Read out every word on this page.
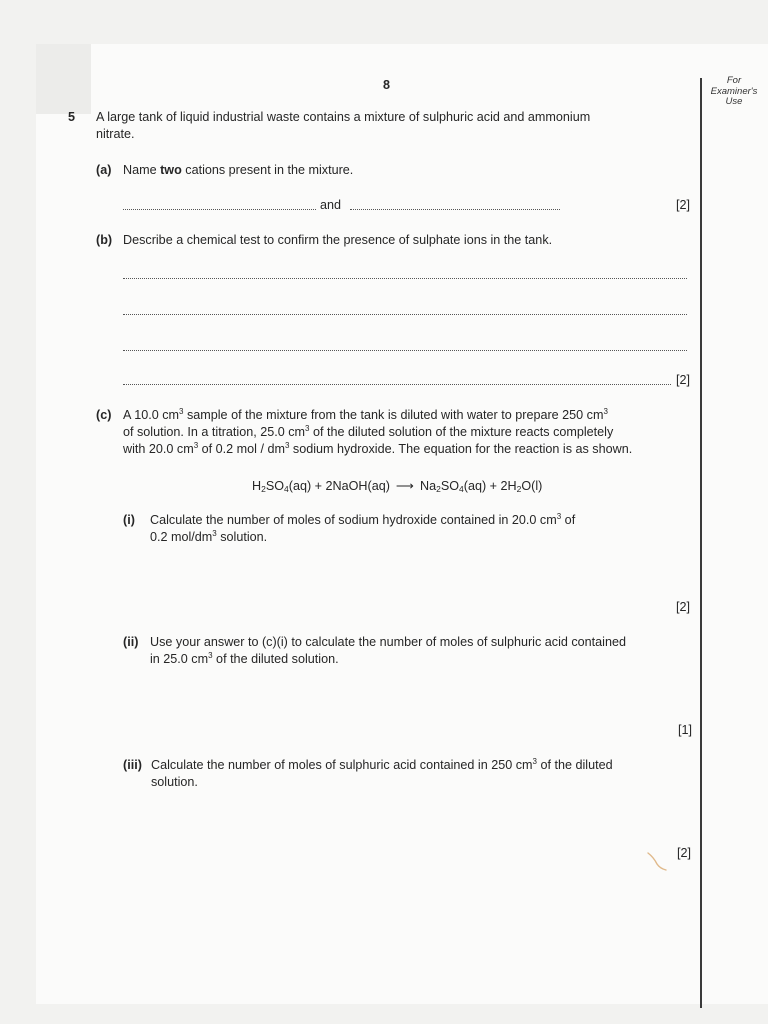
For
Examiner's
Use
8
5 A large tank of liquid industrial waste contains a mixture of sulphuric acid and ammonium
nitrate.
(a) Name two cations present in the mixture.
and	[2]
(b) Describe a chemical test to confirm the presence of sulphate ions in the tank.
[2]
(c) A 10.0 $cm^3$ sample of the mixture from the tank is diluted with water to prepare 250 $cm^3$
of solution. In a titration, 25.0 $cm^3$ of the diluted solution of the mixture reacts completely
with 20.0 $cm^3$ of 0.2 mol / $dm^3$ sodium hydroxide. The equation for the reaction is as shown.
$H_2SO_4(aq)$ + 2NaOH(aq) ⟶ $Na_2SO_4(aq) + 2H_2O(l)$
(i) Calculate the number of moles of sodium hydroxide contained in 20.0 $cm^3$ of
0.2 mol/$dm^3$ solution.
[2]
(ii) Use your answer to (c)(i) to calculate the number of moles of sulphuric acid contained
in 25.0 $cm^3$ of the diluted solution.
[1]
(iii) Calculate the number of moles of sulphuric acid contained in 250 $cm^3$ of the diluted
solution.
[2]
